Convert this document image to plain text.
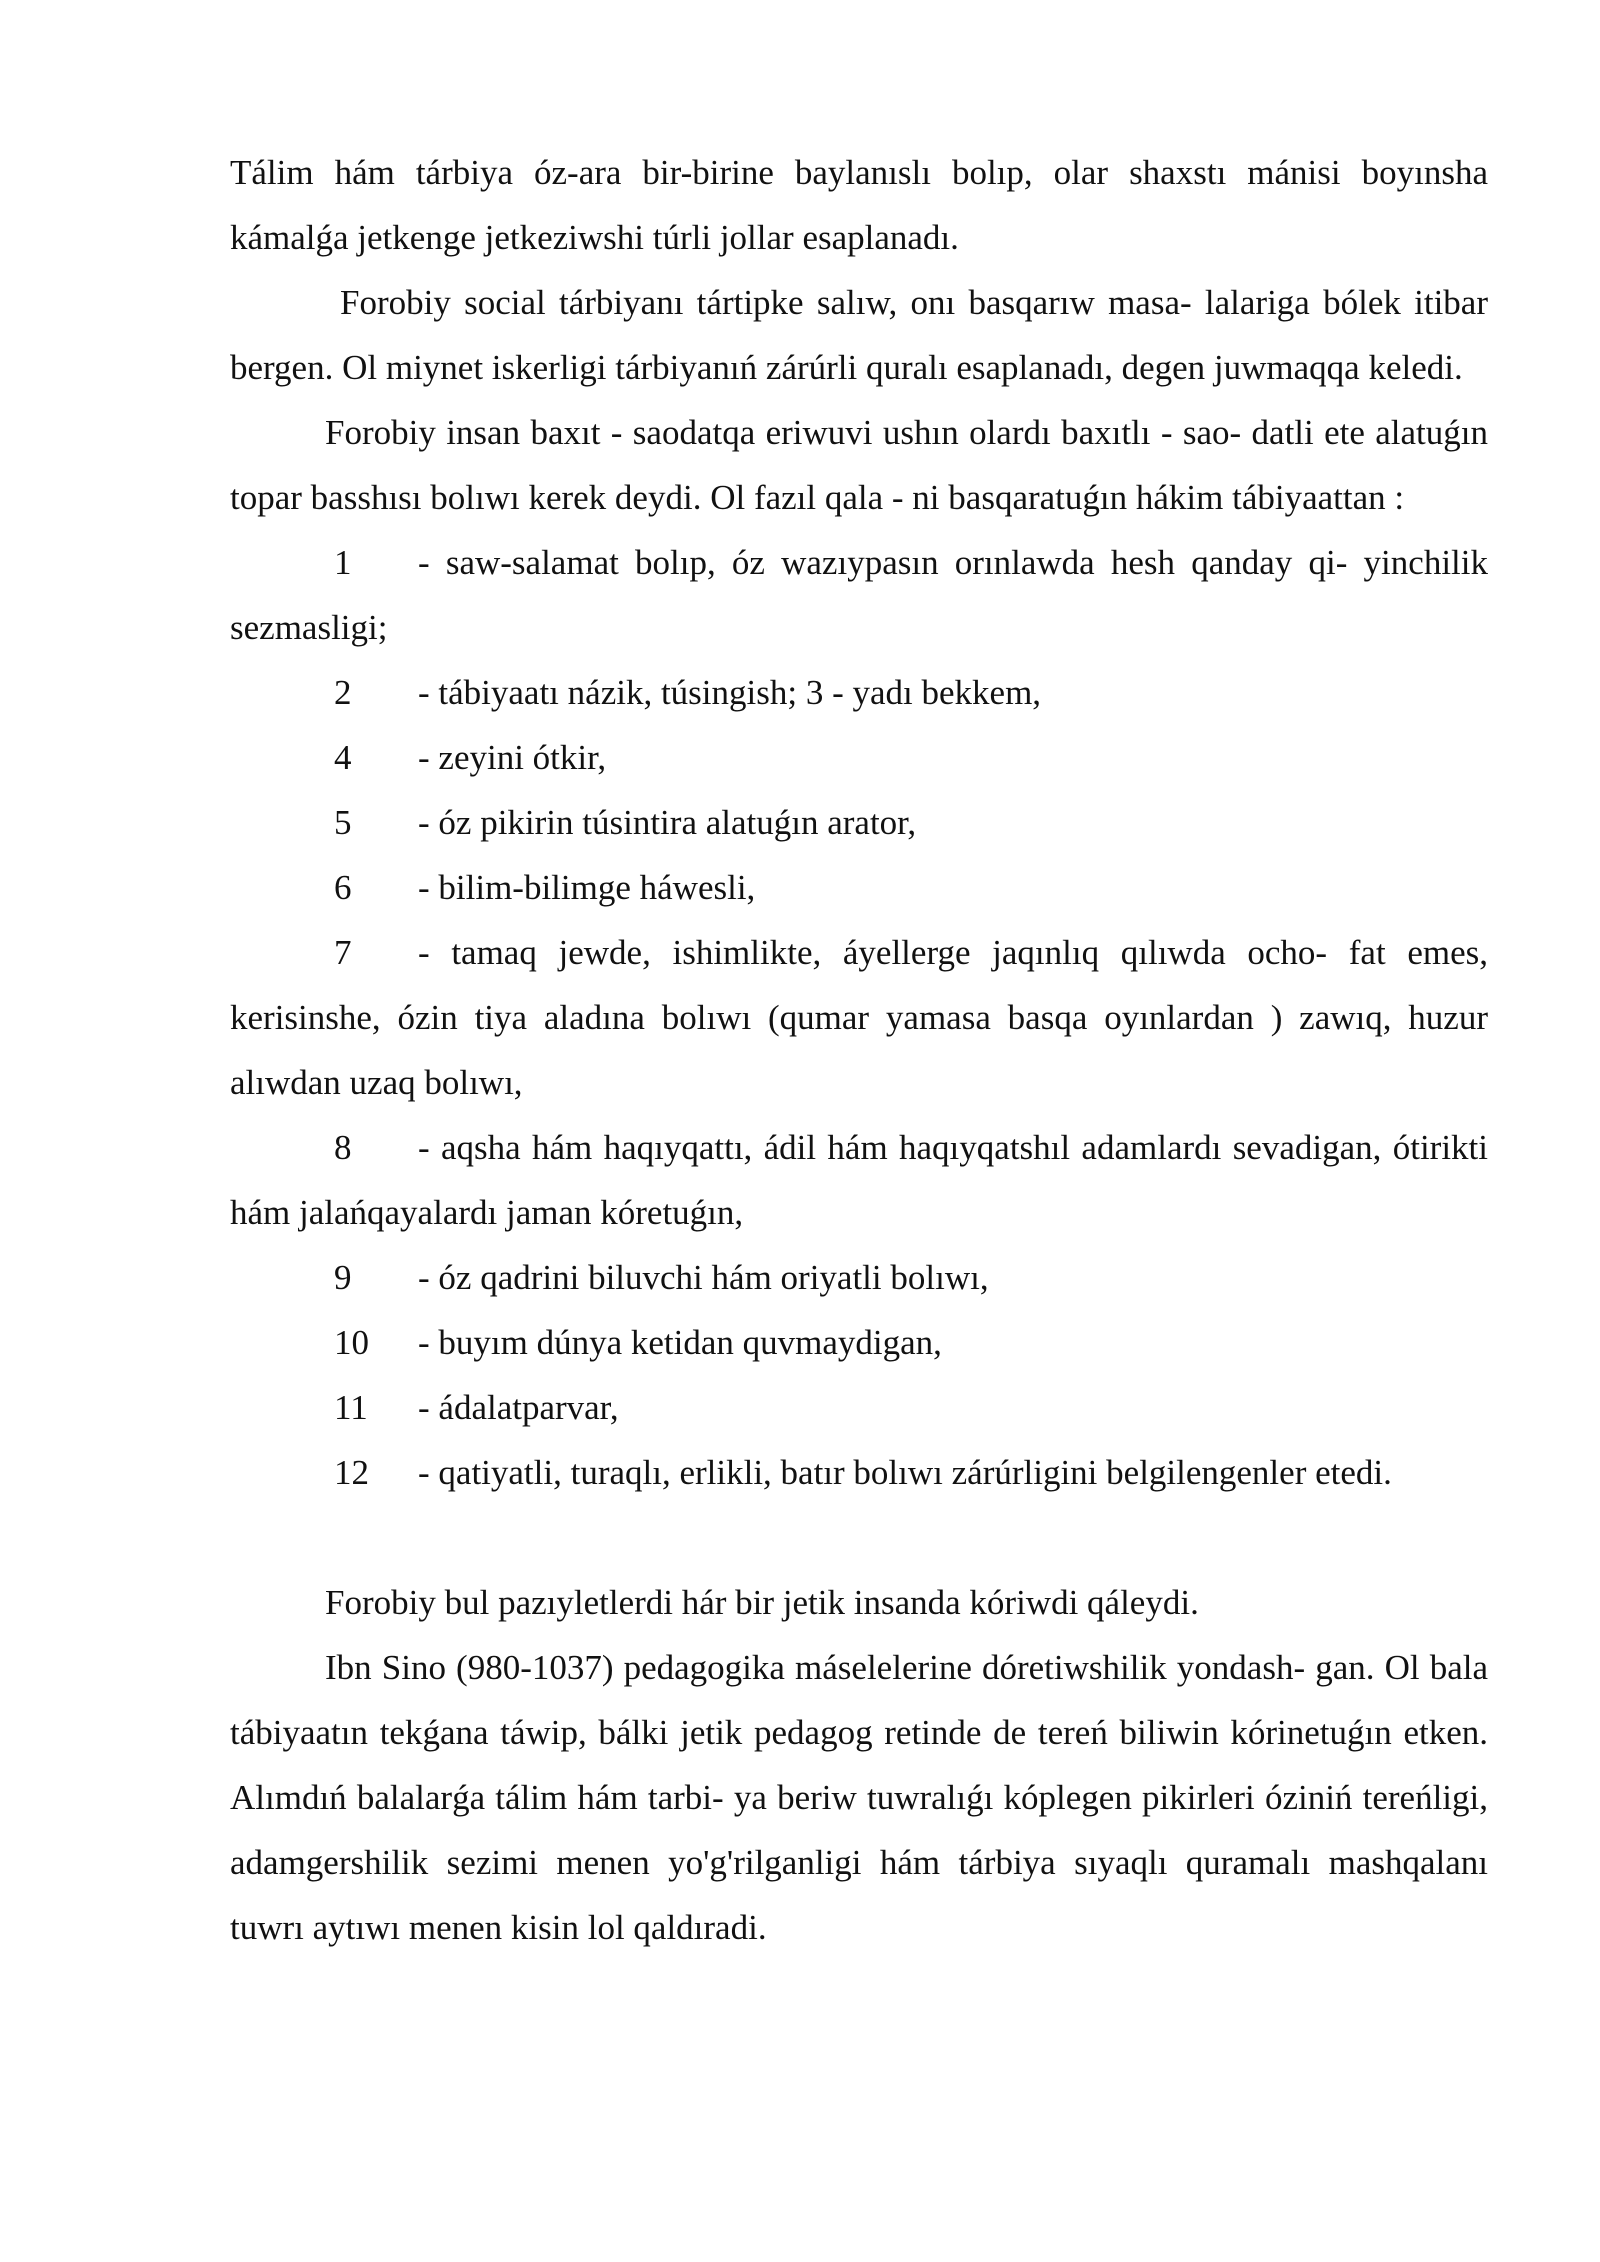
Tálim hám tárbiya óz-ara bir-birine baylanıslı bolıp, olar shaxstı mánisi boyınsha kámalǵa jetkenge jetkeziwshi túrli jollar esaplanadı.

Forobiy social tárbiyanı tártipke salıw, onı basqarıw masa- lalariga bólek itibar bergen. Ol miynet iskerligi tárbiyanıń zárúrli quralı esaplanadı, degen juwmaqqa keledi.

Forobiy insan baxıt - saodatqa eriwuvi ushın olardı baxıtlı - sao- datli ete alatuǵın topar basshısı bolıwı kerek deydi. Ol fazıl qala - ni basqaratuǵın hákim tábiyaattan :

1 - saw-salamat bolıp, óz wazıypasın orınlawda hesh qanday qi- yinchilik sezmasligi;

2 - tábiyaatı názik, túsingish; 3 - yadı bekkem,

4 - zeyini ótkir,

5 - óz pikirin túsintira alatuǵın arator,

6 - bilim-bilimge háwesli,

7 - tamaq jewde, ishimlikte, áyellerge jaqınlıq qılıwda ocho- fat emes, kerisinshe, ózin tiya aladına bolıwı (qumar yamasa basqa oyınlardan ) zawıq, huzur alıwdan uzaq bolıwı,

8 - aqsha hám haqıyqattı, ádil hám haqıyqatshıl adamlardı sevadigan, ótirikti hám jalańqayalardı jaman kóretuǵın,

9 - óz qadrini biluvchi hám oriyatli bolıwı,

10 - buyım dúnya ketidan quvmaydigan,

11 - ádalatparvar,

12 - qatiyatli, turaqlı, erlikli, batır bolıwı zárúrligini belgilengenler etedi.

Forobiy bul pazıyletlerdi hár bir jetik insanda kóriwdi qáleydi.

Ibn Sino (980-1037) pedagogika máselelerine dóretiwshilik yondash- gan. Ol bala tábiyaatın tekǵana táwip, bálki jetik pedagog retinde de tereń biliwin kórinetuǵın etken. Alımdıń balalarǵa tálim hám tarbi- ya beriw tuwralıǵı kóplegen pikirleri óziniń tereńligi, adamgershilik sezimi menen yo'g'rilganligi hám tárbiya sıyaqlı quramalı mashqalanı tuwrı aytıwı menen kisin lol qaldıradi.
